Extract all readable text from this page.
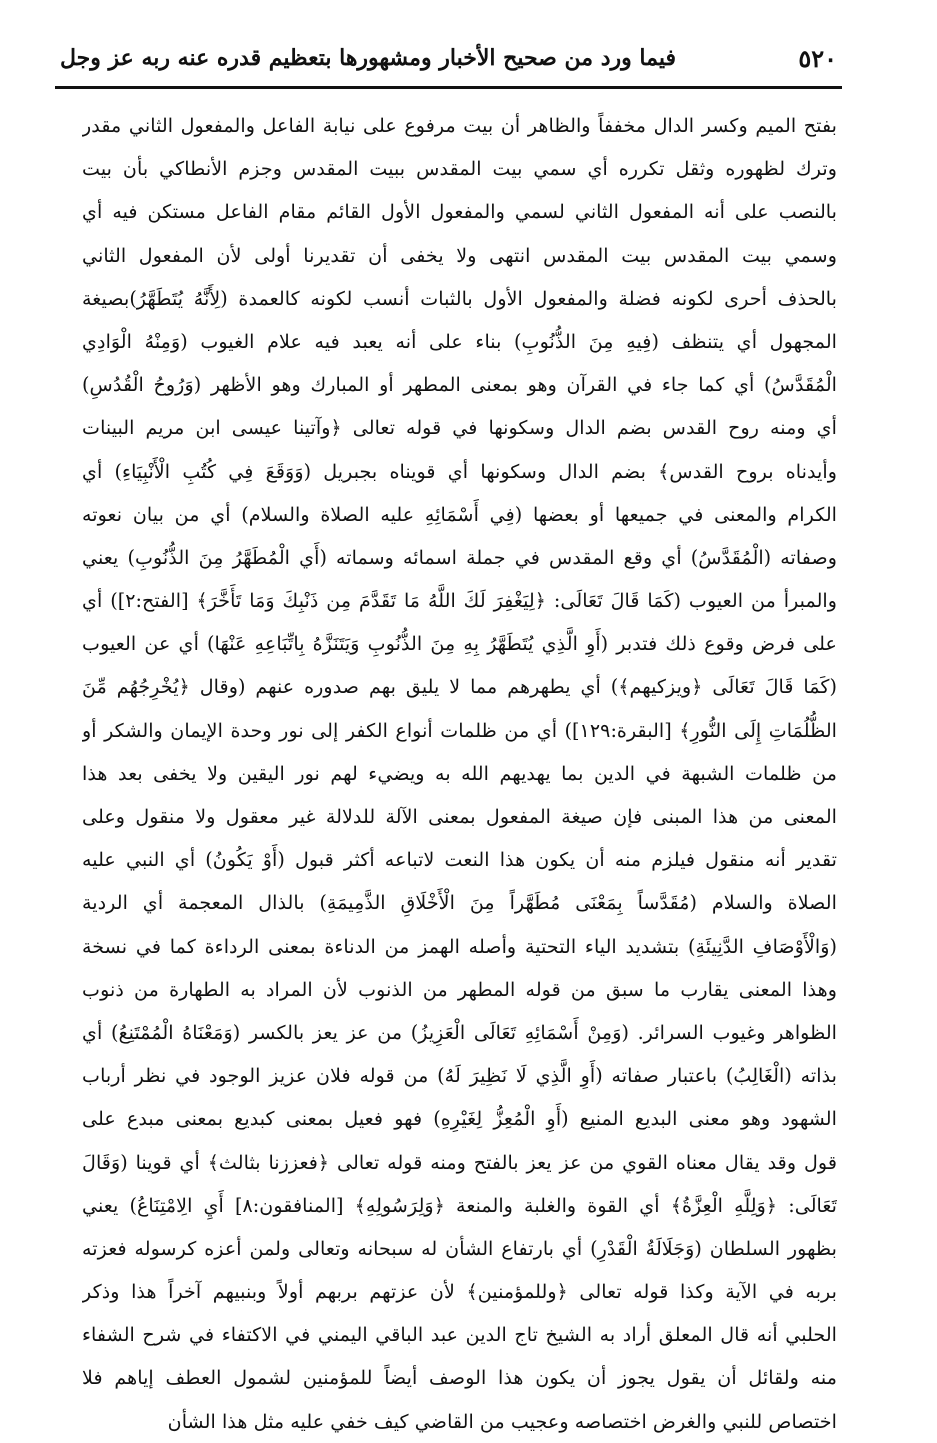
٥٢٠
فيما ورد من صحيح الأخبار ومشهورها بتعظيم قدره عنه ربه عز وجل
بفتح الميم وكسر الدال مخففاً والظاهر أن بيت مرفوع على نيابة الفاعل والمفعول الثاني مقدر
وترك لظهوره وثقل تكرره أي سمي بيت المقدس ببيت المقدس وجزم الأنطاكي بأن بيت
بالنصب على أنه المفعول الثاني لسمي والمفعول الأول القائم مقام الفاعل مستكن فيه أي
وسمي بيت المقدس بيت المقدس انتهى ولا يخفى أن تقديرنا أولى لأن المفعول الثاني
بالحذف أحرى لكونه فضلة والمفعول الأول بالثبات أنسب لكونه كالعمدة (لِأَنَّهُ يُتَطَهَّرُ)بصيغة
المجهول أي يتنظف (فِيهِ مِنَ الذُّنُوبِ) بناء على أنه يعبد فيه علام الغيوب (وَمِنْهُ الْوَادِي
الْمُقَدَّسُ) أي كما جاء في القرآن وهو بمعنى المطهر أو المبارك وهو الأظهر (وَرُوحُ الْقُدُسِ)
أي ومنه روح القدس بضم الدال وسكونها في قوله تعالى ﴿وآتينا عيسى ابن مريم البينات
وأيدناه بروح القدس﴾ بضم الدال وسكونها أي قويناه بجبريل (وَوَقَعَ فِي كُتُبِ الْأَنْبِيَاءِ) أي
الكرام والمعنى في جميعها أو بعضها (فِي أَسْمَائِهِ عليه الصلاة والسلام) أي من بيان نعوته
وصفاته (الْمُقَدَّسُ) أي وقع المقدس في جملة اسمائه وسماته (أَي الْمُطَهَّرُ مِنَ الذُّنُوبِ) يعني
والمبرأ من العيوب (كَمَا قَالَ تَعَالَى: ﴿لِيَغْفِرَ لَكَ اللَّهُ مَا تَقَدَّمَ مِن ذَنْبِكَ وَمَا تَأَخَّرَ﴾ [الفتح:٢]) أي
على فرض وقوع ذلك فتدبر (أَوِ الَّذِي يُتَطَهَّرُ بِهِ مِنَ الذُّنُوبِ وَيَتَنَزَّهُ بِاتِّبَاعِهِ عَنْهَا) أي عن العيوب
(كَمَا قَالَ تَعَالَى ﴿ويزكيهم﴾) أي يطهرهم مما لا يليق بهم صدوره عنهم (وقال ﴿يُخْرِجُهُم مِّنَ
الظُّلُمَاتِ إِلَى النُّورِ﴾ [البقرة:١٢٩]) أي من ظلمات أنواع الكفر إلى نور وحدة الإيمان والشكر أو
من ظلمات الشبهة في الدين بما يهديهم الله به ويضيء لهم نور اليقين ولا يخفى بعد هذا
المعنى من هذا المبنى فإن صيغة المفعول بمعنى الآلة للدلالة غير معقول ولا منقول وعلى
تقدير أنه منقول فيلزم منه أن يكون هذا النعت لاتباعه أكثر قبول (أَوْ يَكُونُ) أي النبي عليه
الصلاة والسلام (مُقَدَّساً بِمَعْنَى مُطَهَّراً مِنَ الْأَخْلَاقِ الذَّمِيمَةِ) بالذال المعجمة أي الردية
(وَالْأَوْصَافِ الدَّنِيئَةِ) بتشديد الياء التحتية وأصله الهمز من الدناءة بمعنى الرداءة كما في نسخة
وهذا المعنى يقارب ما سبق من قوله المطهر من الذنوب لأن المراد به الطهارة من ذنوب
الظواهر وغيوب السرائر. (وَمِنْ أَسْمَائِهِ تَعَالَى الْعَزِيزُ) من عز يعز بالكسر (وَمَعْنَاهُ الْمُمْتَنِعُ) أي
بذاته (الْغَالِبُ) باعتبار صفاته (أَوِ الَّذِي لَا نَظِيرَ لَهُ) من قوله فلان عزيز الوجود في نظر أرباب
الشهود وهو معنى البديع المنيع (أَوِ الْمُعِزُّ لِغَيْرِهِ) فهو فعيل بمعنى كبديع بمعنى مبدع على
قول وقد يقال معناه القوي من عز يعز بالفتح ومنه قوله تعالى ﴿فعززنا بثالث﴾ أي قوينا (وَقَالَ
تَعَالَى: ﴿وَلِلَّهِ الْعِزَّةُ﴾ أي القوة والغلبة والمنعة ﴿وَلِرَسُولِهِ﴾ [المنافقون:٨] أَيِ الِامْتِنَاعُ) يعني
بظهور السلطان (وَجَلَالَةُ الْقَدْرِ) أي بارتفاع الشأن له سبحانه وتعالى ولمن أعزه كرسوله فعزته
بربه في الآية وكذا قوله تعالى ﴿وللمؤمنين﴾ لأن عزتهم بربهم أولاً وبنبيهم آخراً هذا وذكر
الحلبي أنه قال المعلق أراد به الشيخ تاج الدين عبد الباقي اليمني في الاكتفاء في شرح الشفاء
منه ولقائل أن يقول يجوز أن يكون هذا الوصف أيضاً للمؤمنين لشمول العطف إياهم فلا
اختصاص للنبي والغرض اختصاصه وعجيب من القاضي كيف خفي عليه مثل هذا الشأن
